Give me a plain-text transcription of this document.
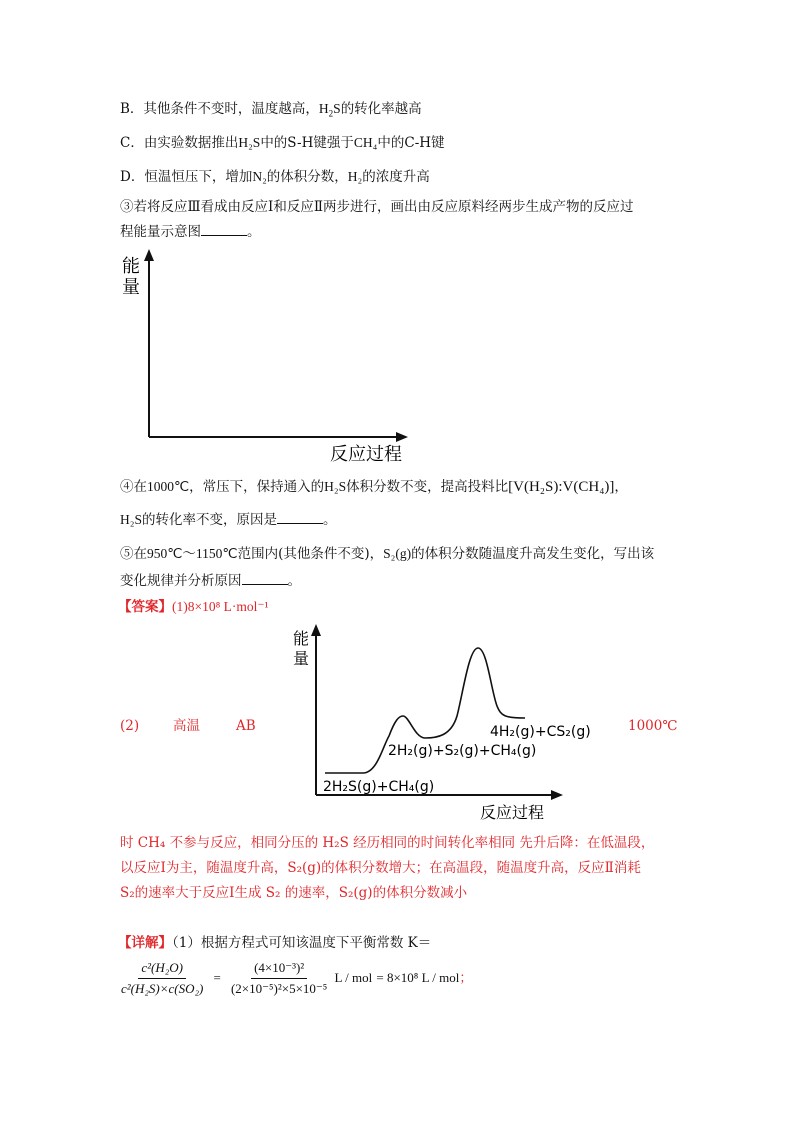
B．其他条件不变时，温度越高，$H_2S$的转化率越高
C．由实验数据推出H₂S中的S-H键强于CH₄中的C-H键
D．恒温恒压下，增加N₂的体积分数，H₂的浓度升高
③若将反应Ⅲ看成由反应Ⅰ和反应Ⅱ两步进行，画出由反应原料经两步生成产物的反应过
程能量示意图	。
能
量
反应过程
④在1000℃，常压下，保持通入的H₂S体积分数不变，提高投料比[V(H₂S):V(CH₄)]，
H₂S的转化率不变，原因是	。
⑤在950℃～1150℃范围内(其他条件不变)，S₂(g)的体积分数随温度升高发生变化，写出该
变化规律并分析原因	。
【答案】(1)8×10⁸ L·mol⁻¹
(2)	高温	AB	1000℃
能
量
反应过程
2H₂S(g)+CH₄(g)
2H₂(g)+S₂(g)+CH₄(g)
4H₂(g)+CS₂(g)
时 CH₄ 不参与反应，相同分压的 H₂S 经历相同的时间转化率相同 先升后降：在低温段，
以反应Ⅰ为主，随温度升高，S₂(g)的体积分数增大；在高温段，随温度升高，反应Ⅱ消耗
S₂的速率大于反应Ⅰ生成 S₂ 的速率，S₂(g)的体积分数减小
【详解】（1）根据方程式可知该温度下平衡常数 K＝
$\frac{\text{c²(H₂O)}}{\text{c²(H₂S)×c(SO₂)}} = \frac{\text{(4×10⁻³)²}}{\text{(2×10⁻⁵)²×5×10⁻⁵}}$ L / mol = 8×10⁸ L / mol；
